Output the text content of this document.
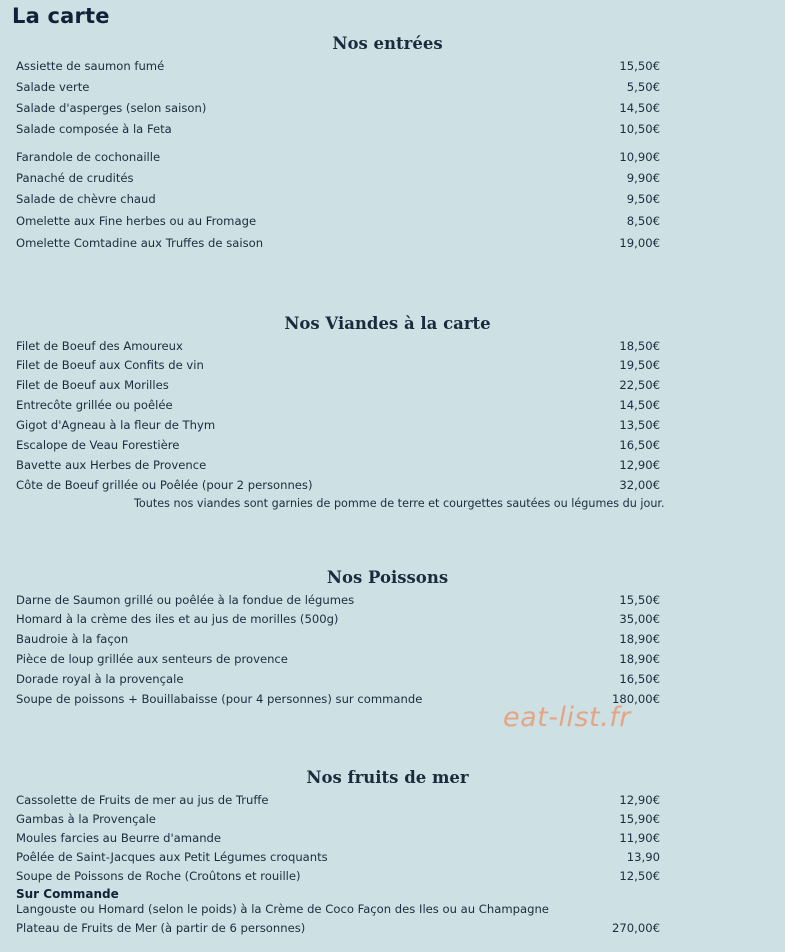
La carte
Nos entrées
Assiette de saumon fumé	15,50€
Salade verte	5,50€
Salade d'asperges (selon saison)	14,50€
Salade composée à la Feta	10,50€
Farandole de cochonaille	10,90€
Panaché de crudités	9,90€
Salade de chèvre chaud	9,50€
Omelette aux Fine herbes ou au Fromage	8,50€
Omelette Comtadine aux Truffes de saison	19,00€
Nos Viandes à la carte
Filet de Boeuf des Amoureux	18,50€
Filet de Boeuf aux Confits de vin	19,50€
Filet de Boeuf aux Morilles	22,50€
Entrecôte grillée ou poêlée	14,50€
Gigot d'Agneau à la fleur de Thym	13,50€
Escalope de Veau Forestière	16,50€
Bavette aux Herbes de Provence	12,90€
Côte de Boeuf grillée ou Poêlée (pour 2 personnes)	32,00€
Toutes nos viandes sont garnies de pomme de terre et courgettes sautées ou légumes du jour.
Nos Poissons
Darne de Saumon grillé ou poêlée à la fondue de légumes	15,50€
Homard à la crème des iles et au jus de morilles (500g)	35,00€
Baudroie à la façon	18,90€
Pièce de loup grillée aux senteurs de provence	18,90€
Dorade royal à la provençale	16,50€
Soupe de poissons + Bouillabaisse (pour 4 personnes) sur commande	180,00€
eat-list.fr
Nos fruits de mer
Cassolette de Fruits de mer au jus de Truffe	12,90€
Gambas à la Provençale	15,90€
Moules farcies au Beurre d'amande	11,90€
Poêlée de Saint-Jacques aux Petit Légumes croquants	13,90
Soupe de Poissons de Roche (Croûtons et rouille)	12,50€
Sur Commande
Langouste ou Homard (selon le poids) à la Crème de Coco Façon des Iles ou au Champagne
Plateau de Fruits de Mer (à partir de 6 personnes)	270,00€
